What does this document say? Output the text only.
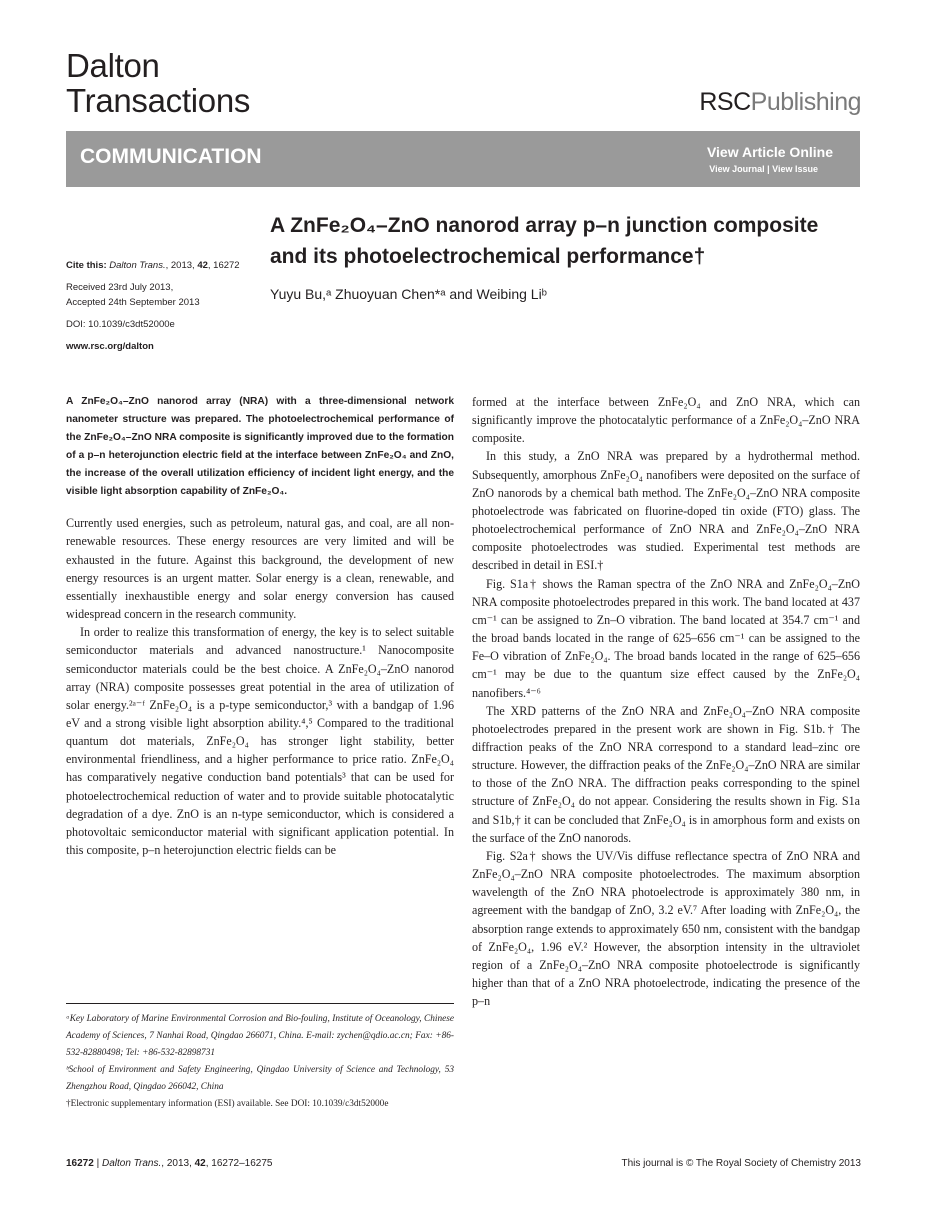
Dalton
Transactions	RSCPublishing
COMMUNICATION	View Article Online
View Journal | View Issue
Cite this: Dalton Trans., 2013, 42, 16272
Received 23rd July 2013,
Accepted 24th September 2013
DOI: 10.1039/c3dt52000e
www.rsc.org/dalton
A ZnFe₂O₄–ZnO nanorod array p–n junction composite
and its photoelectrochemical performance†
Yuyu Bu,ᵃ Zhuoyuan Chen*ᵃ and Weibing Liᵇ

A ZnFe₂O₄–ZnO nanorod array (NRA) with a three-dimensional network nanometer structure was prepared. The photoelectrochemical performance of the ZnFe₂O₄–ZnO NRA composite is significantly improved due to the formation of a p–n heterojunction electric field at the interface between ZnFe₂O₄ and ZnO, the increase of the overall utilization efficiency of incident light energy, and the visible light absorption capability of ZnFe₂O₄.

Currently used energies, such as petroleum, natural gas, and coal, are all non-renewable resources. These energy resources are very limited and will be exhausted in the future. Against this background, the development of new energy resources is an urgent matter. Solar energy is a clean, renewable, and essentially inexhaustible energy and solar energy conversion has caused widespread concern in the research community.

In order to realize this transformation of energy, the key is to select suitable semiconductor materials and advanced nanostructure.¹ Nanocomposite semiconductor materials could be the best choice. A ZnFe₂O₄–ZnO nanorod array (NRA) composite possesses great potential in the area of utilization of solar energy.²ᵃ⁻ᶠ ZnFe₂O₄ is a p-type semiconductor,³ with a bandgap of 1.96 eV and a strong visible light absorption ability.⁴,⁵ Compared to the traditional quantum dot materials, ZnFe₂O₄ has stronger light stability, better environmental friendliness, and a higher performance to price ratio. ZnFe₂O₄ has comparatively negative conduction band potentials³ that can be used for photoelectrochemical reduction of water and to provide suitable photocatalytic degradation of a dye. ZnO is an n-type semiconductor, which is considered a photovoltaic semiconductor material with significant application potential. In this composite, p–n heterojunction electric fields can be

ᵃKey Laboratory of Marine Environmental Corrosion and Bio-fouling, Institute of Oceanology, Chinese Academy of Sciences, 7 Nanhai Road, Qingdao 266071, China. E-mail: zychen@qdio.ac.cn; Fax: +86-532-82880498; Tel: +86-532-82898731
ᵇSchool of Environment and Safety Engineering, Qingdao University of Science and Technology, 53 Zhengzhou Road, Qingdao 266042, China
†Electronic supplementary information (ESI) available. See DOI: 10.1039/c3dt52000e

formed at the interface between ZnFe₂O₄ and ZnO NRA, which can significantly improve the photocatalytic performance of a ZnFe₂O₄–ZnO NRA composite.

In this study, a ZnO NRA was prepared by a hydrothermal method. Subsequently, amorphous ZnFe₂O₄ nanofibers were deposited on the surface of ZnO nanorods by a chemical bath method. The ZnFe₂O₄–ZnO NRA composite photoelectrode was fabricated on fluorine-doped tin oxide (FTO) glass. The photoelectrochemical performance of ZnO NRA and ZnFe₂O₄–ZnO NRA composite photoelectrodes was studied. Experimental test methods are described in detail in ESI.†

Fig. S1a† shows the Raman spectra of the ZnO NRA and ZnFe₂O₄–ZnO NRA composite photoelectrodes prepared in this work. The band located at 437 cm⁻¹ can be assigned to Zn–O vibration. The band located at 354.7 cm⁻¹ and the broad bands located in the range of 625–656 cm⁻¹ can be assigned to the Fe–O vibration of ZnFe₂O₄. The broad bands located in the range of 625–656 cm⁻¹ may be due to the quantum size effect caused by the ZnFe₂O₄ nanofibers.⁴⁻⁶

The XRD patterns of the ZnO NRA and ZnFe₂O₄–ZnO NRA composite photoelectrodes prepared in the present work are shown in Fig. S1b.† The diffraction peaks of the ZnO NRA correspond to a standard lead–zinc ore structure. However, the diffraction peaks of the ZnFe₂O₄–ZnO NRA are similar to those of the ZnO NRA. The diffraction peaks corresponding to the spinel structure of ZnFe₂O₄ do not appear. Considering the results shown in Fig. S1a and S1b,† it can be concluded that ZnFe₂O₄ is in amorphous form and exists on the surface of the ZnO nanorods.

Fig. S2a† shows the UV/Vis diffuse reflectance spectra of ZnO NRA and ZnFe₂O₄–ZnO NRA composite photoelectrodes. The maximum absorption wavelength of the ZnO NRA photoelectrode is approximately 380 nm, in agreement with the bandgap of ZnO, 3.2 eV.⁷ After loading with ZnFe₂O₄, the absorption range extends to approximately 650 nm, consistent with the bandgap of ZnFe₂O₄, 1.96 eV.² However, the absorption intensity in the ultraviolet region of a ZnFe₂O₄–ZnO NRA composite photoelectrode is significantly higher than that of a ZnO NRA photoelectrode, indicating the presence of the p–n

16272 | Dalton Trans., 2013, 42, 16272–16275	This journal is © The Royal Society of Chemistry 2013
